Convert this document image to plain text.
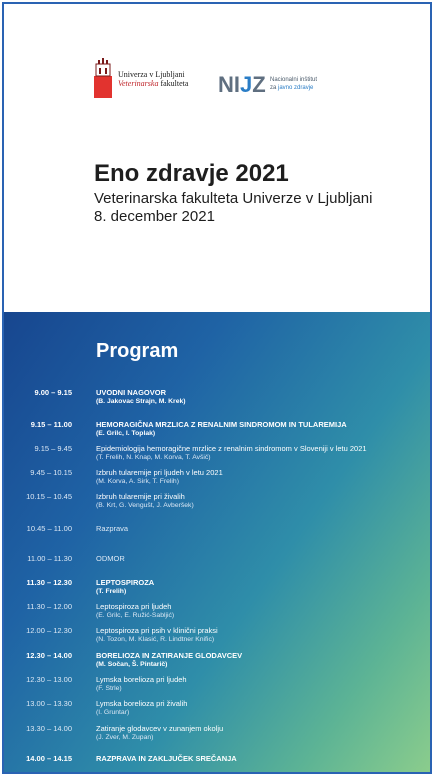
Univerza v Ljubljani
Veterinarska fakulteta NIJZ Nacionalni inštitut
za javno zdravje
Eno zdravje 2021
Veterinarska fakulteta Univerze v Ljubljani
8. december 2021
Program
9.00 – 9.15	UVODNI NAGOVOR
(B. Jakovac Strajn, M. Krek)
9.15 – 11.00	HEMORAGIČNA MRZLICA Z RENALNIM SINDROMOM IN TULAREMIJA
(E. Grilc, I. Toplak)
9.15 – 9.45	Epidemiologija hemoragične mrzlice z renalnim sindromom v Sloveniji v letu 2021
(T. Frelih, N. Knap, M. Korva, T. Avšič)
9.45 – 10.15	Izbruh tularemije pri ljudeh v letu 2021
(M. Korva, A. Sirk, T. Frelih)
10.15 – 10.45	Izbruh tularemije pri živalih
(B. Krt, G. Vengušt, J. Avberšek)
10.45 – 11.00	Razprava
11.00 – 11.30	ODMOR
11.30 – 12.30	LEPTOSPIROZA
(T. Frelih)
11.30 – 12.00	Leptospiroza pri ljudeh
(E. Grilc, E. Ružić-Sabljić)
12.00 – 12.30	Leptospiroza pri psih v klinični praksi
(N. Tozon, M. Klasić, R. Lindtner Knific)
12.30 – 14.00	BORELIOZA IN ZATIRANJE GLODAVCEV
(M. Sočan, Š. Pintarič)
12.30 – 13.00	Lymska borelioza pri ljudeh
(F. Strle)
13.00 – 13.30	Lymska borelioza pri živalih
(I. Gruntar)
13.30 – 14.00	Zatiranje glodavcev v zunanjem okolju
(J. Zver, M. Zupan)
14.00 – 14.15	RAZPRAVA IN ZAKLJUČEK SREČANJA
